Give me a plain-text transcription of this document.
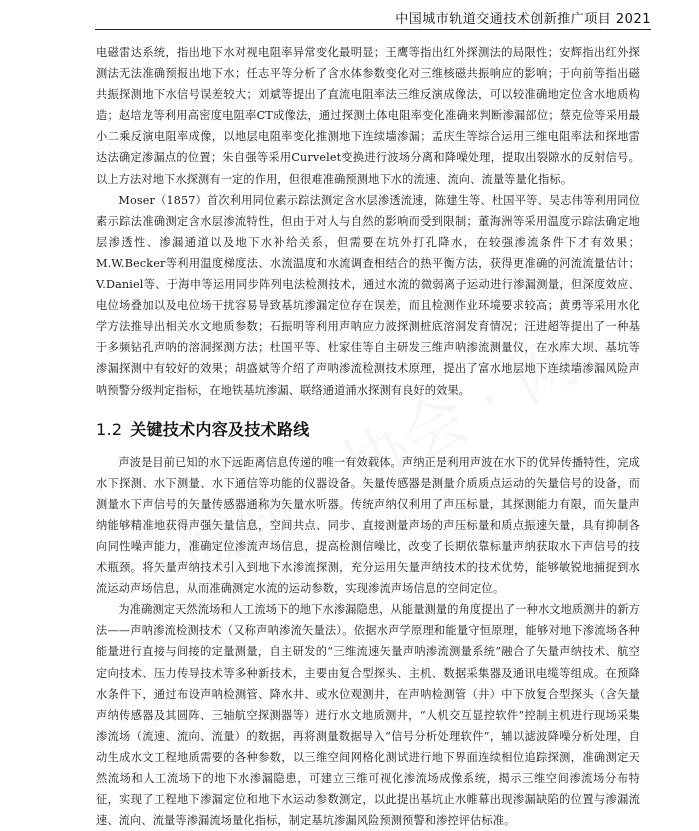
中国城市轨道交通技术创新推广项目 2021

电磁雷达系统，指出地下水对视电阻率异常变化最明显；王鹰等指出红外探测法的局限性；安辉指出红外探测法无法准确预报出地下水；任志平等分析了含水体参数变化对三维核磁共振响应的影响；于向前等指出磁共振探测地下水信号误差较大；刘斌等提出了直流电阻率法三维反演成像法，可以较准确地定位含水地质构造；赵培龙等利用高密度电阻率CT成像法，通过探测土体电阻率变化准确来判断渗漏部位；蔡克俭等采用最小二乘反演电阻率成像，以地层电阻率变化推测地下连续墙渗漏；孟庆生等综合运用三维电阻率法和探地雷达法确定渗漏点的位置；朱自强等采用Curvelet变换进行波场分离和降噪处理，提取出裂隙水的反射信号。以上方法对地下水探测有一定的作用，但很难准确预测地下水的流速、流向、流量等量化指标。

Moser（1857）首次利用同位素示踪法测定含水层渗透流速，陈建生等、杜国平等、吴志伟等利用同位素示踪法准确测定含水层渗流特性，但由于对人与自然的影响而受到限制；董海洲等采用温度示踪法确定地层渗透性、渗漏通道以及地下水补给关系，但需要在坑外打孔降水，在较强渗流条件下才有效果；M.W.Becker等利用温度梯度法、水流温度和水流调查相结合的热平衡方法，获得更准确的河流流量估计；V.Daniel等、于海申等运用同步阵列电法检测技术，通过水流的微弱离子运动进行渗漏测量，但深度效应、电位场叠加以及电位场干扰容易导致基坑渗漏定位存在误差，而且检测作业环境要求较高；黄勇等采用水化学方法推导出相关水文地质参数；石振明等利用声呐应力波探测桩底溶洞发育情况；汪进超等提出了一种基于多频钻孔声呐的溶洞探测方法；杜国平等、杜家佳等自主研发三维声呐渗流测量仪，在水库大坝、基坑等渗漏探测中有较好的效果；胡盛斌等介绍了声呐渗流检测技术原理，提出了富水地层地下连续墙渗漏风险声呐预警分级判定指标，在地铁基坑渗漏、联络通道涌水探测有良好的效果。

1.2 关键技术内容及技术路线

声波是目前已知的水下远距离信息传递的唯一有效载体。声纳正是利用声波在水下的优异传播特性，完成水下探测、水下测量、水下通信等功能的仪器设备。矢量传感器是测量介质质点运动的矢量信号的设备，而测量水下声信号的矢量传感器通称为矢量水听器。传统声纳仅利用了声压标量，其探测能力有限，而矢量声纳能够精准地获得声强矢量信息，空间共点、同步、直接测量声场的声压标量和质点振速矢量，具有抑制各向同性噪声能力，准确定位渗流声场信息，提高检测信噪比，改变了长期依靠标量声纳获取水下声信号的技术瓶颈。将矢量声纳技术引入到地下水渗流探测，充分运用矢量声纳技术的技术优势，能够敏锐地捕捉到水流运动声场信息，从而准确测定水流的运动参数，实现渗流声场信息的空间定位。

为准确测定天然流场和人工流场下的地下水渗漏隐患，从能量测量的角度提出了一种水文地质测井的新方法——声呐渗流检测技术（又称声呐渗流矢量法）。依据水声学原理和能量守恒原理，能够对地下渗流场各种能量进行直接与间接的定量测量，自主研发的“三维流速矢量声呐渗流测量系统”融合了矢量声纳技术、航空定向技术、压力传导技术等多种新技术，主要由复合型探头、主机、数据采集器及通讯电缆等组成。在预降水条件下，通过布设声呐检测管、降水井、或水位观测井，在声呐检测管（井）中下放复合型探头（含矢量声纳传感器及其圆阵、三轴航空探测器等）进行水文地质测井，“人机交互显控软件”控制主机进行现场采集渗流场（流速、流向、流量）的数据，再将测量数据导入“信号分析处理软件”，辅以滤波降噪分析处理，自动生成水文工程地质需要的各种参数，以三维空间网格化测试进行地下界面连续相位追踪探测，准确测定天然流场和人工流场下的地下水渗漏隐患，可建立三维可视化渗流场成像系统，揭示三维空间渗流场分布特征，实现了工程地下渗漏定位和地下水运动参数测定，以此提出基坑止水帷幕出现渗漏缺陷的位置与渗漏流速、流向、流量等渗漏流场量化指标，制定基坑渗漏风险预测预警和渗控评估标准。
